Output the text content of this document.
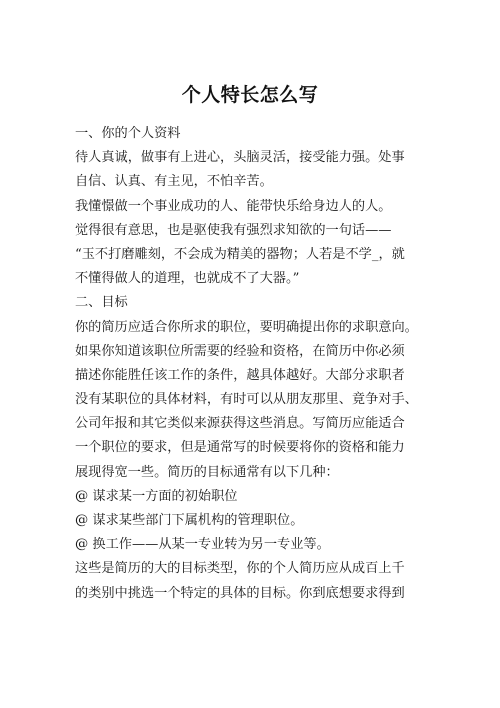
个人特长怎么写
一、你的个人资料
待人真诚，做事有上进心，头脑灵活，接受能力强。处事
自信、认真、有主见，不怕辛苦。
我懂憬做一个事业成功的人、能带快乐给身边人的人。
觉得很有意思，也是驱使我有强烈求知欲的一句话——
“玉不打磨雕刻，不会成为精美的器物；人若是不学_，就
不懂得做人的道理，也就成不了大器。”
二、目标
你的简历应适合你所求的职位，要明确提出你的求职意向。
如果你知道该职位所需要的经验和资格，在简历中你必须
描述你能胜任该工作的条件，越具体越好。大部分求职者
没有某职位的具体材料，有时可以从朋友那里、竟争对手、
公司年报和其它类似来源获得这些消息。写简历应能适合
一个职位的要求，但是通常写的时候要将你的资格和能力
展现得宽一些。简历的目标通常有以下几种：
@ 谋求某一方面的初始职位
@ 谋求某些部门下属机构的管理职位。
@ 换工作——从某一专业转为另一专业等。
这些是简历的大的目标类型，你的个人简历应从成百上千
的类别中挑选一个特定的具体的目标。你到底想要求得到
